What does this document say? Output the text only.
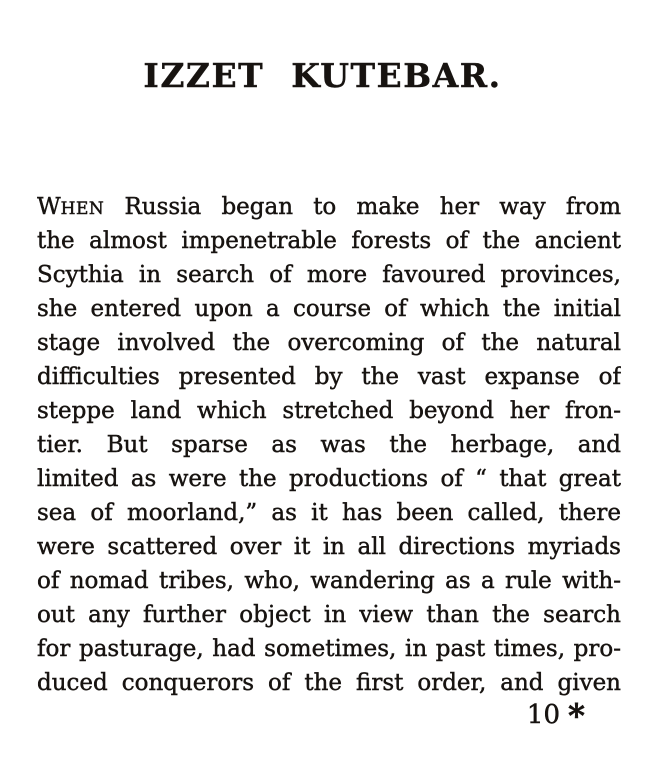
IZZET KUTEBAR.
WHEN Russia began to make her way from
the almost impenetrable forests of the ancient
Scythia in search of more favoured provinces,
she entered upon a course of which the initial
stage involved the overcoming of the natural
difficulties presented by the vast expanse of
steppe land which stretched beyond her fron-
tier. But sparse as was the herbage, and
limited as were the productions of “ that great
sea of moorland,” as it has been called, there
were scattered over it in all directions myriads
of nomad tribes, who, wandering as a rule with-
out any further object in view than the search
for pasturage, had sometimes, in past times, pro-
duced conquerors of the first order, and given
10 *
